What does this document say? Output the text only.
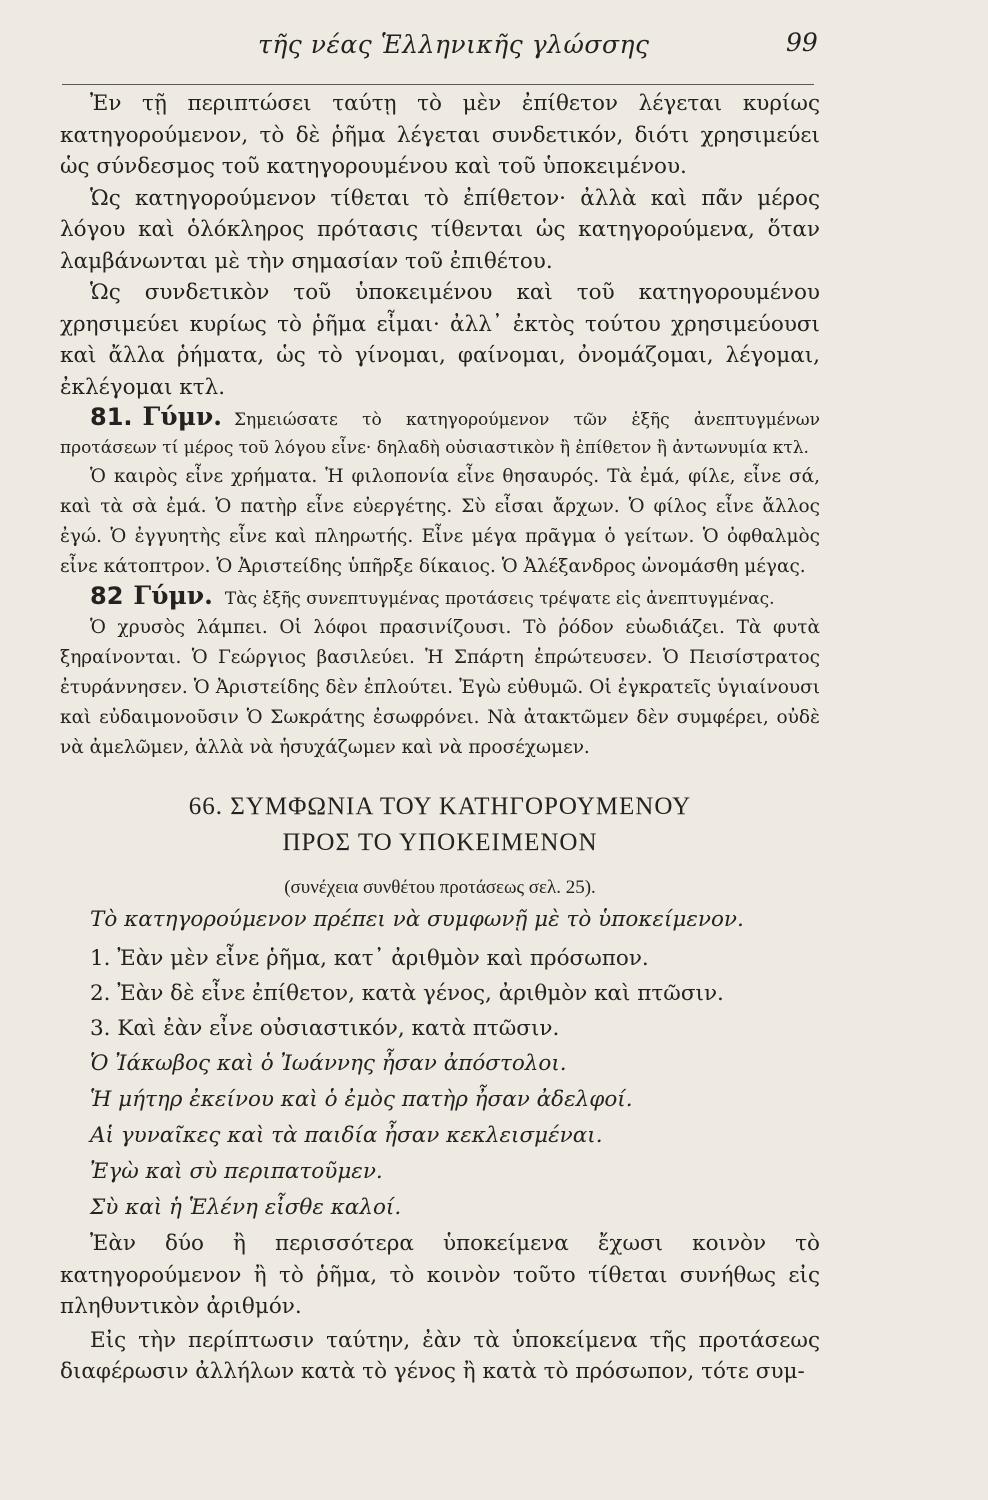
τῆς νέας Ἑλληνικῆς γλώσσης	99

Ἐν τῇ περιπτώσει ταύτῃ τὸ μὲν ἐπίθετον λέγεται κυρίως κατηγορούμενον, τὸ δὲ ῥῆμα λέγεται συνδετικόν, διότι χρησιμεύει ὡς σύνδεσμος τοῦ κατηγορουμένου καὶ τοῦ ὑποκειμένου.

Ὡς κατηγορούμενον τίθεται τὸ ἐπίθετον· ἀλλὰ καὶ πᾶν μέρος λόγου καὶ ὁλόκληρος πρότασις τίθενται ὡς κατηγορούμενα, ὅταν λαμβάνωνται μὲ τὴν σημασίαν τοῦ ἐπιθέτου.

Ὡς συνδετικὸν τοῦ ὑποκειμένου καὶ τοῦ κατηγορουμένου χρησιμεύει κυρίως τὸ ῥῆμα εἶμαι· ἀλλ᾿ ἐκτὸς τούτου χρησιμεύουσι καὶ ἄλλα ῥήματα, ὡς τὸ γίνομαι, φαίνομαι, ὀνομάζομαι, λέγομαι, ἐκλέγομαι κτλ.

81. Γύμν. Σημειώσατε τὸ κατηγορούμενον τῶν ἑξῆς ἀνεπτυγμένων προτάσεων τί μέρος τοῦ λόγου εἶνε· δηλαδὴ οὐσιαστικὸν ἢ ἐπίθετον ἢ ἀντωνυμία κτλ.

Ὁ καιρὸς εἶνε χρήματα. Ἡ φιλοπονία εἶνε θησαυρός. Τὰ ἐμά, φίλε, εἶνε σά, καὶ τὰ σὰ ἐμά. Ὁ πατὴρ εἶνε εὐεργέτης. Σὺ εἶσαι ἄρχων. Ὁ φίλος εἶνε ἄλλος ἐγώ. Ὁ ἐγγυητὴς εἶνε καὶ πληρωτής. Εἶνε μέγα πρᾶγμα ὁ γείτων. Ὁ ὀφθαλμὸς εἶνε κάτοπτρον. Ὁ Ἀριστείδης ὑπῆρξε δίκαιος. Ὁ Ἀλέξανδρος ὠνομάσθη μέγας.

82 Γύμν. Τὰς ἑξῆς συνεπτυγμένας προτάσεις τρέψατε εἰς ἀνεπτυγμένας.

Ὁ χρυσὸς λάμπει. Οἱ λόφοι πρασινίζουσι. Τὸ ῥόδον εὐωδιάζει. Τὰ φυτὰ ξηραίνονται. Ὁ Γεώργιος βασιλεύει. Ἡ Σπάρτη ἐπρώτευσεν. Ὁ Πεισίστρατος ἐτυράννησεν. Ὁ Ἀριστείδης δὲν ἐπλούτει. Ἐγὼ εὐθυμῶ. Οἱ ἐγκρατεῖς ὑγιαίνουσι καὶ εὐδαιμονοῦσιν Ὁ Σωκράτης ἐσωφρόνει. Νὰ ἀτακτῶμεν δὲν συμφέρει, οὐδὲ νὰ ἀμελῶμεν, ἀλλὰ νὰ ἡσυχάζωμεν καὶ νὰ προσέχωμεν.

66. ΣΥΜΦΩΝΙΑ ΤΟΥ ΚΑΤΗΓΟΡΟΥΜΕΝΟΥ
ΠΡΟΣ ΤΟ ΥΠΟΚΕΙΜΕΝΟΝ
(συνέχεια συνθέτου προτάσεως σελ. 25).

Τὸ κατηγορούμενον πρέπει νὰ συμφωνῇ μὲ τὸ ὑποκείμενον.

1. Ἐὰν μὲν εἶνε ῥῆμα, κατ᾿ ἀριθμὸν καὶ πρόσωπον.
2. Ἐὰν δὲ εἶνε ἐπίθετον, κατὰ γένος, ἀριθμὸν καὶ πτῶσιν.
3. Καὶ ἐὰν εἶνε οὐσιαστικόν, κατὰ πτῶσιν.
Ὁ Ἰάκωβος καὶ ὁ Ἰωάννης ἦσαν ἀπόστολοι.
Ἡ μήτηρ ἐκείνου καὶ ὁ ἐμὸς πατὴρ ἦσαν ἀδελφοί.
Αἱ γυναῖκες καὶ τὰ παιδία ἦσαν κεκλεισμέναι.
Ἐγὼ καὶ σὺ περιπατοῦμεν.
Σὺ καὶ ἡ Ἑλένη εἶσθε καλοί.

Ἐὰν δύο ἢ περισσότερα ὑποκείμενα ἔχωσι κοινὸν τὸ κατηγορούμενον ἢ τὸ ῥῆμα, τὸ κοινὸν τοῦτο τίθεται συνήθως εἰς πληθυντικὸν ἀριθμόν.

Εἰς τὴν περίπτωσιν ταύτην, ἐὰν τὰ ὑποκείμενα τῆς προτάσεως διαφέρωσιν ἀλλήλων κατὰ τὸ γένος ἢ κατὰ τὸ πρόσωπον, τότε συμ-
